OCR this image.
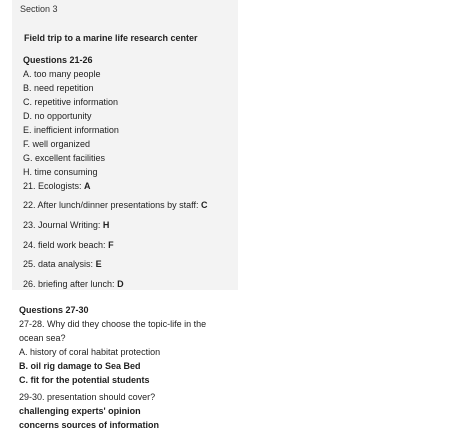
Section 3
Field trip to a marine life research center
Questions 21-26
A. too many people
B. need repetition
C. repetitive information
D. no opportunity
E. inefficient information
F. well organized
G. excellent facilities
H. time consuming
21. Ecologists: A
22. After lunch/dinner presentations by staff: C
23. Journal Writing: H
24. field work beach: F
25. data analysis: E
26. briefing after lunch: D
Questions 27-30
27-28. Why did they choose the topic-life in the
ocean sea?
A. history of coral habitat protection
B. oil rig damage to Sea Bed
C. fit for the potential students
29-30. presentation should cover?
challenging experts' opinion
concerns sources of information
